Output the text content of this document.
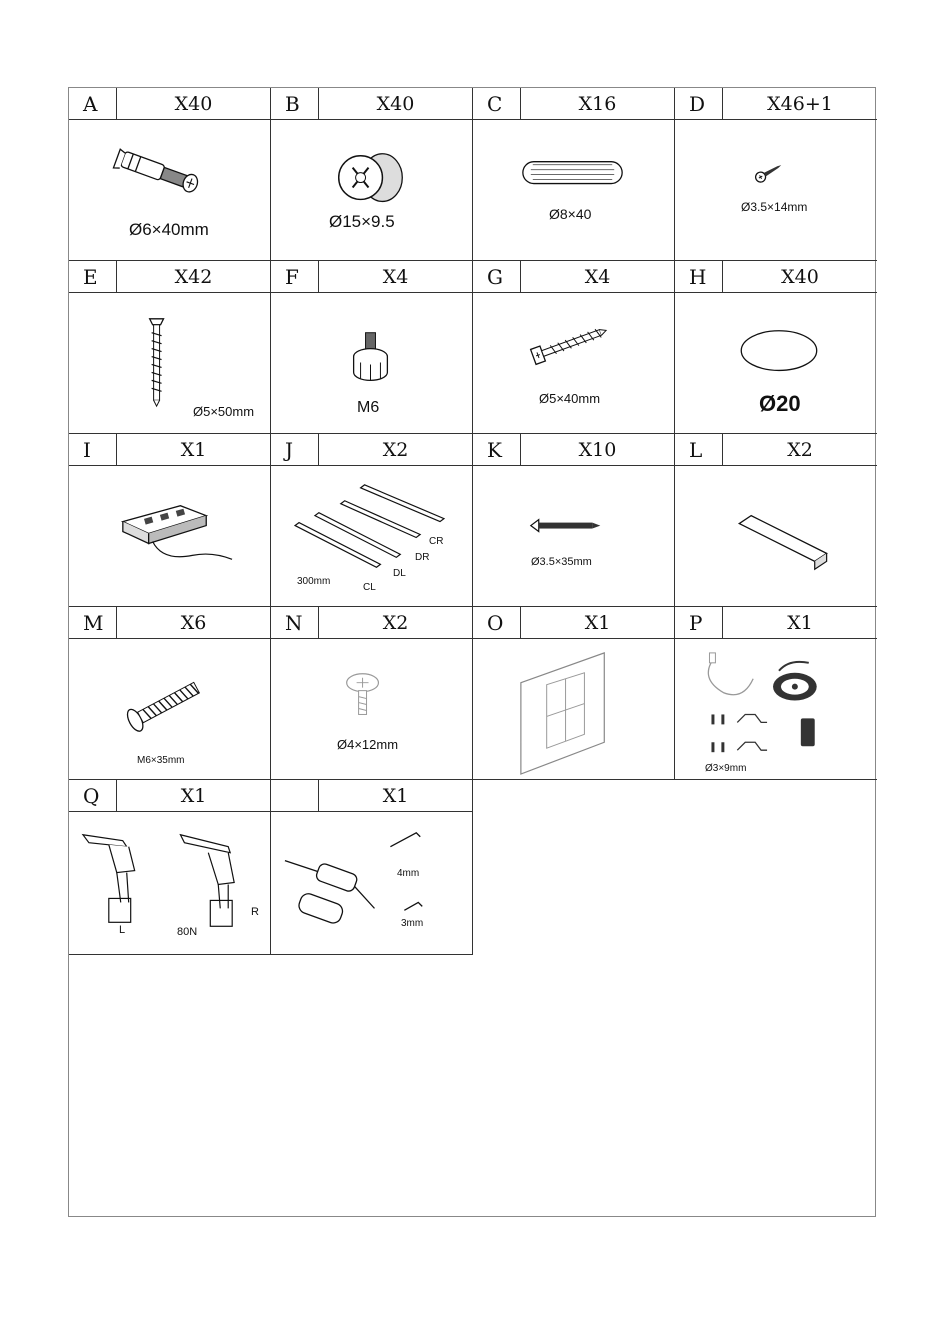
A	X40
Ø6×40mm
B	X40
Ø15×9.5
C	X16
Ø8×40
D	X46+1
Ø3.5×14mm
E	X42
Ø5×50mm
F	X4
M6
G	X4
Ø5×40mm
H	X40
Ø20
I	X1	J	X2
300mm
CL
DL
DR
CR
K	X10
Ø3.5×35mm
L	X2
M	X6
M6×35mm
N	X2
Ø4×12mm
O	X1	P	X1
Ø3×9mm
Q	X1
L	80N
R
X1
4mm
3mm
